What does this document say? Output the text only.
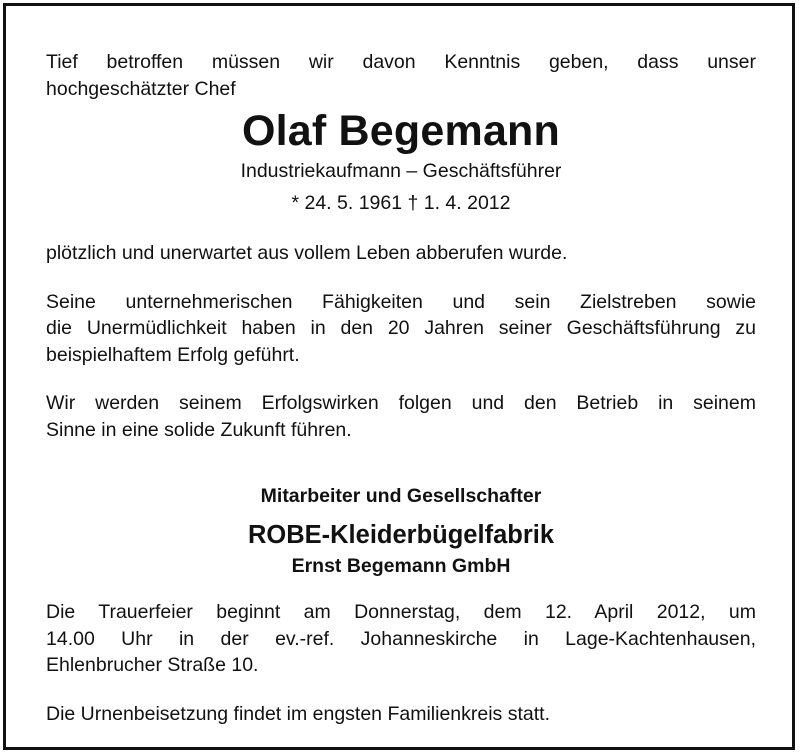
Tief betroffen müssen wir davon Kenntnis geben, dass unser
hochgeschätzter Chef
Olaf Begemann
Industriekaufmann – Geschäftsführer
* 24. 5. 1961 † 1. 4. 2012
plötzlich und unerwartet aus vollem Leben abberufen wurde.
Seine unternehmerischen Fähigkeiten und sein Zielstreben sowie
die Unermüdlichkeit haben in den 20 Jahren seiner Geschäftsführung zu
beispielhaftem Erfolg geführt.
Wir werden seinem Erfolgswirken folgen und den Betrieb in seinem
Sinne in eine solide Zukunft führen.
Mitarbeiter und Gesellschafter
ROBE-Kleiderbügelfabrik
Ernst Begemann GmbH
Die Trauerfeier beginnt am Donnerstag, dem 12. April 2012, um
14.00 Uhr in der ev.-ref. Johanneskirche in Lage-Kachtenhausen,
Ehlenbrucher Straße 10.
Die Urnenbeisetzung findet im engsten Familienkreis statt.
